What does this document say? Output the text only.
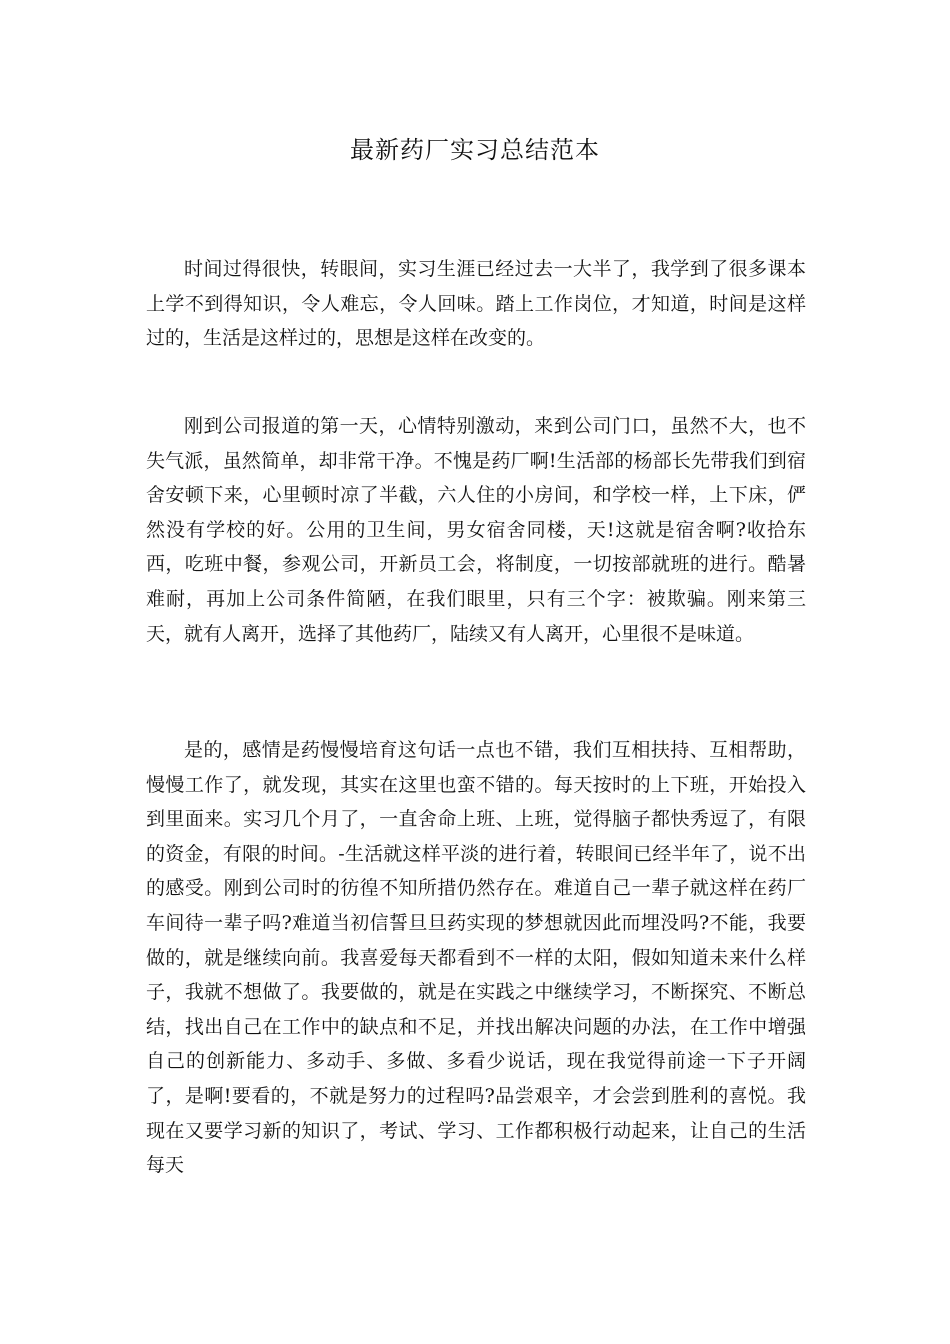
最新药厂实习总结范本

时间过得很快，转眼间，实习生涯已经过去一大半了，我学到了很多课本上学不到得知识，令人难忘，令人回味。踏上工作岗位，才知道，时间是这样过的，生活是这样过的，思想是这样在改变的。

刚到公司报道的第一天，心情特别激动，来到公司门口，虽然不大，也不失气派，虽然简单，却非常干净。不愧是药厂啊!生活部的杨部长先带我们到宿舍安顿下来，心里顿时凉了半截，六人住的小房间，和学校一样，上下床，俨然没有学校的好。公用的卫生间，男女宿舍同楼，天!这就是宿舍啊?收拾东西，吃班中餐，参观公司，开新员工会，将制度，一切按部就班的进行。酷暑难耐，再加上公司条件简陋，在我们眼里，只有三个字：被欺骗。刚来第三天，就有人离开，选择了其他药厂，陆续又有人离开，心里很不是味道。

是的，感情是药慢慢培育这句话一点也不错，我们互相扶持、互相帮助，慢慢工作了，就发现，其实在这里也蛮不错的。每天按时的上下班，开始投入到里面来。实习几个月了，一直舍命上班、上班，觉得脑子都快秀逗了，有限的资金，有限的时间。-生活就这样平淡的进行着，转眼间已经半年了，说不出的感受。刚到公司时的彷徨不知所措仍然存在。难道自己一辈子就这样在药厂车间待一辈子吗?难道当初信誓旦旦药实现的梦想就因此而埋没吗?不能，我要做的，就是继续向前。我喜爱每天都看到不一样的太阳，假如知道未来什么样子，我就不想做了。我要做的，就是在实践之中继续学习，不断探究、不断总结，找出自己在工作中的缺点和不足，并找出解决问题的办法，在工作中增强自己的创新能力、多动手、多做、多看少说话，现在我觉得前途一下子开阔了，是啊!要看的，不就是努力的过程吗?品尝艰辛，才会尝到胜利的喜悦。我现在又要学习新的知识了，考试、学习、工作都积极行动起来，让自己的生活每天
